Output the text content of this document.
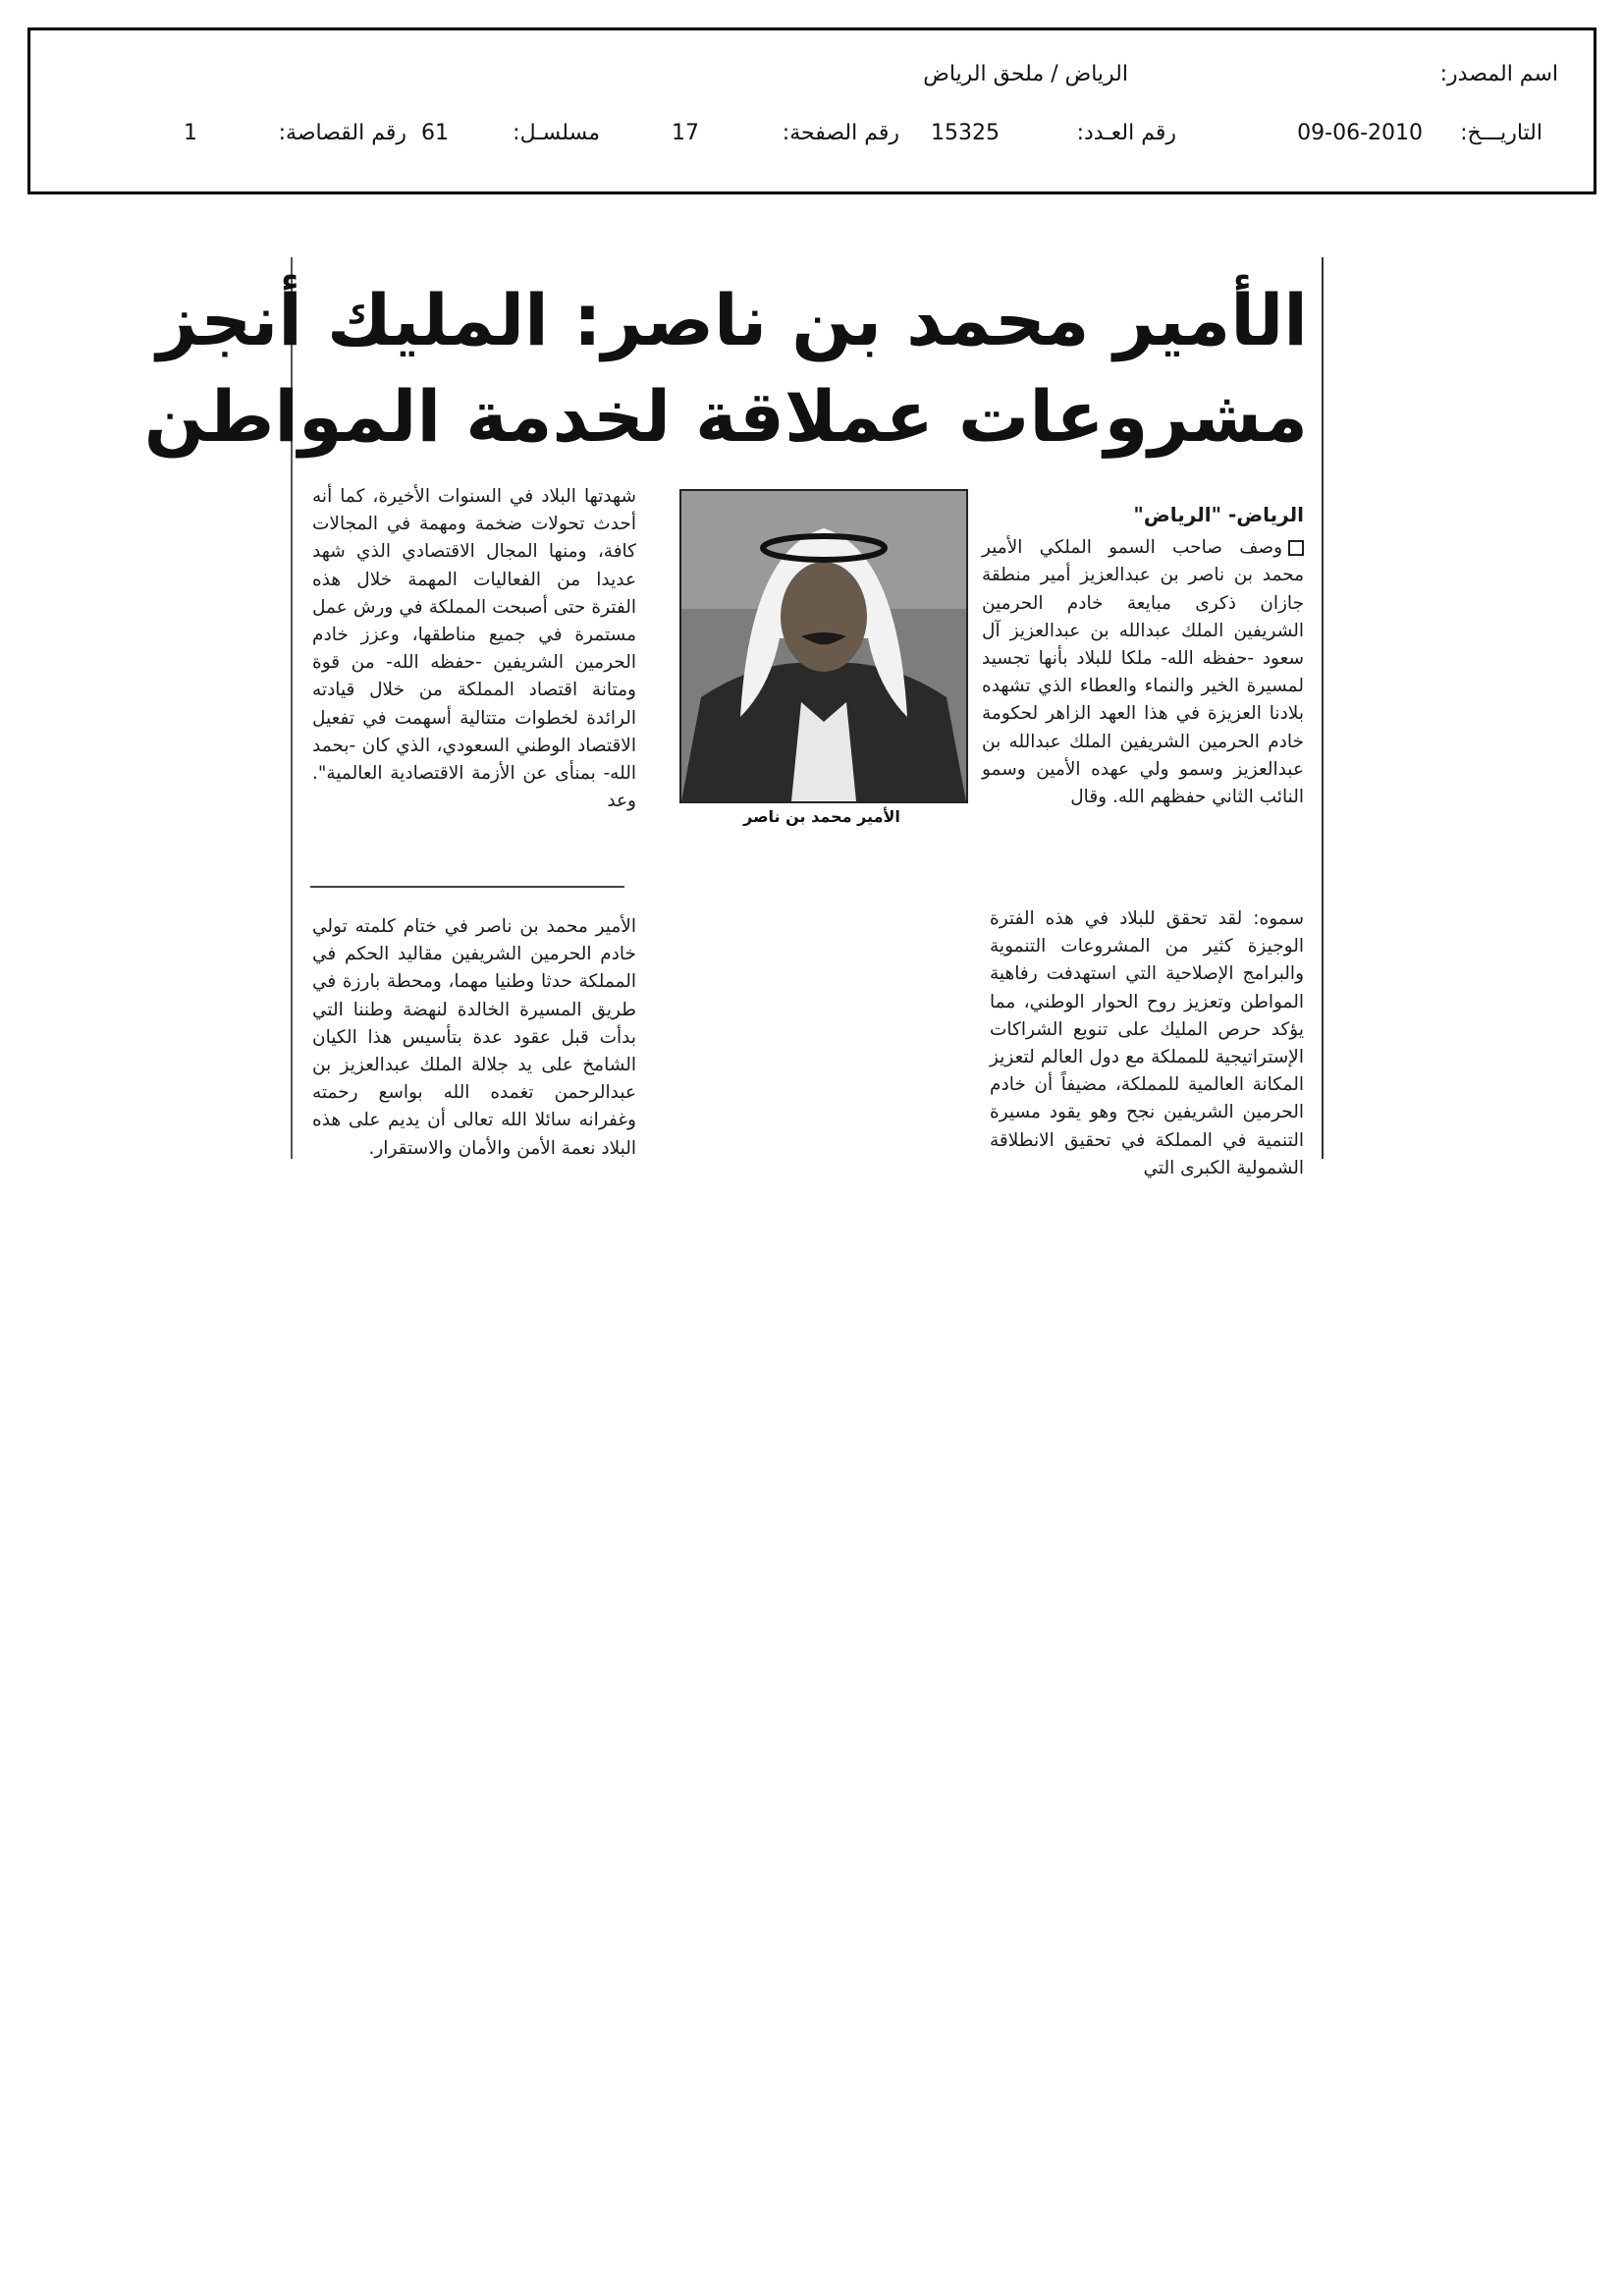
اسم المصدر:
الرياض / ملحق الرياض
التاريـــخ:
09-06-2010
رقم العـدد:
15325
رقم الصفحة:
17
مسلسـل:
61
رقم القصاصة:
1
الأمير محمد بن ناصر: المليك أنجز
مشروعات عملاقة لخدمة المواطن
الرياض- "الرياض"

وصف صاحب السمو الملكي الأمير محمد بن ناصر بن عبدالعزيز أمير منطقة جازان ذكرى مبايعة خادم الحرمين الشريفين الملك عبدالله بن عبدالعزيز آل سعود -حفظه الله- ملكا للبلاد بأنها تجسيد لمسيرة الخير والنماء والعطاء الذي تشهده بلادنا العزيزة في هذا العهد الزاهر لحكومة خادم الحرمين الشريفين الملك عبدالله بن عبدالعزيز وسمو ولي عهده الأمين وسمو النائب الثاني حفظهم الله. وقال

الأمير محمد بن ناصر

شهدتها البلاد في السنوات الأخيرة، كما أنه أحدث تحولات ضخمة ومهمة في المجالات كافة، ومنها المجال الاقتصادي الذي شهد عديدا من الفعاليات المهمة خلال هذه الفترة حتى أصبحت المملكة في ورش عمل مستمرة في جميع مناطقها، وعزز خادم الحرمين الشريفين -حفظه الله- من قوة ومتانة اقتصاد المملكة من خلال قيادته الرائدة لخطوات متتالية أسهمت في تفعيل الاقتصاد الوطني السعودي، الذي كان -بحمد الله- بمنأى عن الأزمة الاقتصادية العالمية". وعد

سموه: لقد تحقق للبلاد في هذه الفترة الوجيزة كثير من المشروعات التنموية والبرامج الإصلاحية التي استهدفت رفاهية المواطن وتعزيز روح الحوار الوطني، مما يؤكد حرص المليك على تنويع الشراكات الإستراتيجية للمملكة مع دول العالم لتعزيز المكانة العالمية للمملكة، مضيفاً أن خادم الحرمين الشريفين نجح وهو يقود مسيرة التنمية في المملكة في تحقيق الانطلاقة الشمولية الكبرى التي

الأمير محمد بن ناصر في ختام كلمته تولي خادم الحرمين الشريفين مقاليد الحكم في المملكة حدثا وطنيا مهما، ومحطة بارزة في طريق المسيرة الخالدة لنهضة وطننا التي بدأت قبل عقود عدة بتأسيس هذا الكيان الشامخ على يد جلالة الملك عبدالعزيز بن عبدالرحمن تغمده الله بواسع رحمته وغفرانه سائلا الله تعالى أن يديم على هذه البلاد نعمة الأمن والأمان والاستقرار.
